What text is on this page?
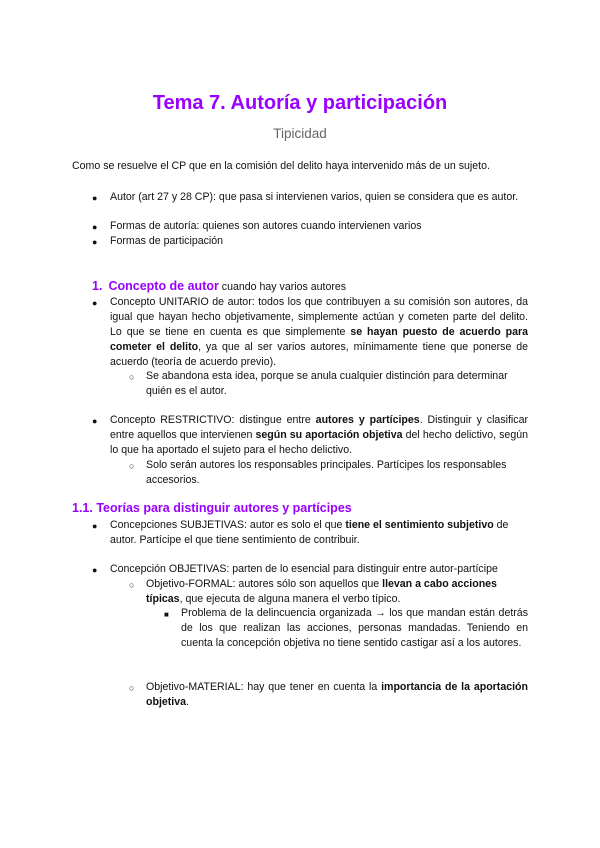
Tema 7. Autoría y participación
Tipicidad

Como se resuelve el CP que en la comisión del delito haya intervenido más de un sujeto.

● Autor (art 27 y 28 CP): que pasa si intervienen varios, quien se considera que es autor.

● Formas de autoría: quienes son autores cuando intervienen varios

● Formas de participación

1. Concepto de autor cuando hay varios autores
● Concepto UNITARIO de autor: todos los que contribuyen a su comisión son autores, da igual que hayan hecho objetivamente, simplemente actúan y cometen parte del delito. Lo que se tiene en cuenta es que simplemente se hayan puesto de acuerdo para cometer el delito, ya que al ser varios autores, mínimamente tiene que ponerse de acuerdo (teoría de acuerdo previo).

○ Se abandona esta idea, porque se anula cualquier distinción para determinar quién es el autor.

● Concepto RESTRICTIVO: distingue entre autores y partícipes. Distinguir y clasificar entre aquellos que intervienen según su aportación objetiva del hecho delictivo, según lo que ha aportado el sujeto para el hecho delictivo.

○ Solo serán autores los responsables principales. Partícipes los responsables accesorios.

1.1. Teorías para distinguir autores y partícipes
● Concepciones SUBJETIVAS: autor es solo el que tiene el sentimiento subjetivo de autor. Partícipe el que tiene sentimiento de contribuir.

● Concepción OBJETIVAS: parten de lo esencial para distinguir entre autor-partícipe

○ Objetivo-FORMAL: autores sólo son aquellos que llevan a cabo acciones típicas, que ejecuta de alguna manera el verbo típico.

■ Problema de la delincuencia organizada → los que mandan están detrás de los que realizan las acciones, personas mandadas. Teniendo en cuenta la concepción objetiva no tiene sentido castigar así a los autores.

○ Objetivo-MATERIAL: hay que tener en cuenta la importancia de la aportación objetiva.
